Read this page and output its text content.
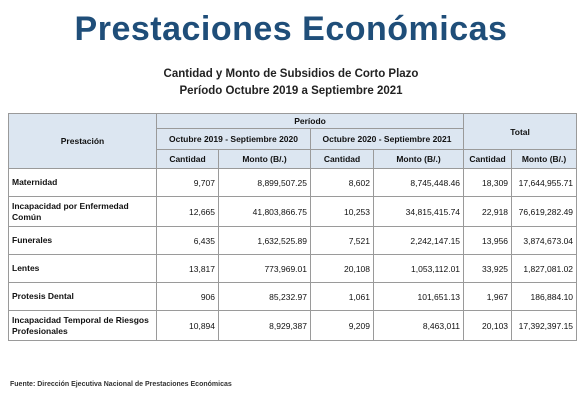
Prestaciones Económicas
Cantidad y Monto de Subsidios de Corto Plazo
Período Octubre 2019 a Septiembre 2021
Prestación	Período				Total	
	Octubre 2019 - Septiembre 2020		Octubre 2020 - Septiembre 2021			
	Cantidad	Monto (B/.)	Cantidad	Monto (B/.)	Cantidad	Monto (B/.)
Maternidad	9,707	8,899,507.25	8,602	8,745,448.46	18,309	17,644,955.71
Incapacidad por Enfermedad Común	12,665	41,803,866.75	10,253	34,815,415.74	22,918	76,619,282.49
Funerales	6,435	1,632,525.89	7,521	2,242,147.15	13,956	3,874,673.04
Lentes	13,817	773,969.01	20,108	1,053,112.01	33,925	1,827,081.02
Protesis Dental	906	85,232.97	1,061	101,651.13	1,967	186,884.10
Incapacidad Temporal de Riesgos Profesionales	10,894	8,929,387	9,209	8,463,011	20,103	17,392,397.15
Fuente: Dirección Ejecutiva Nacional de Prestaciones Económicas
